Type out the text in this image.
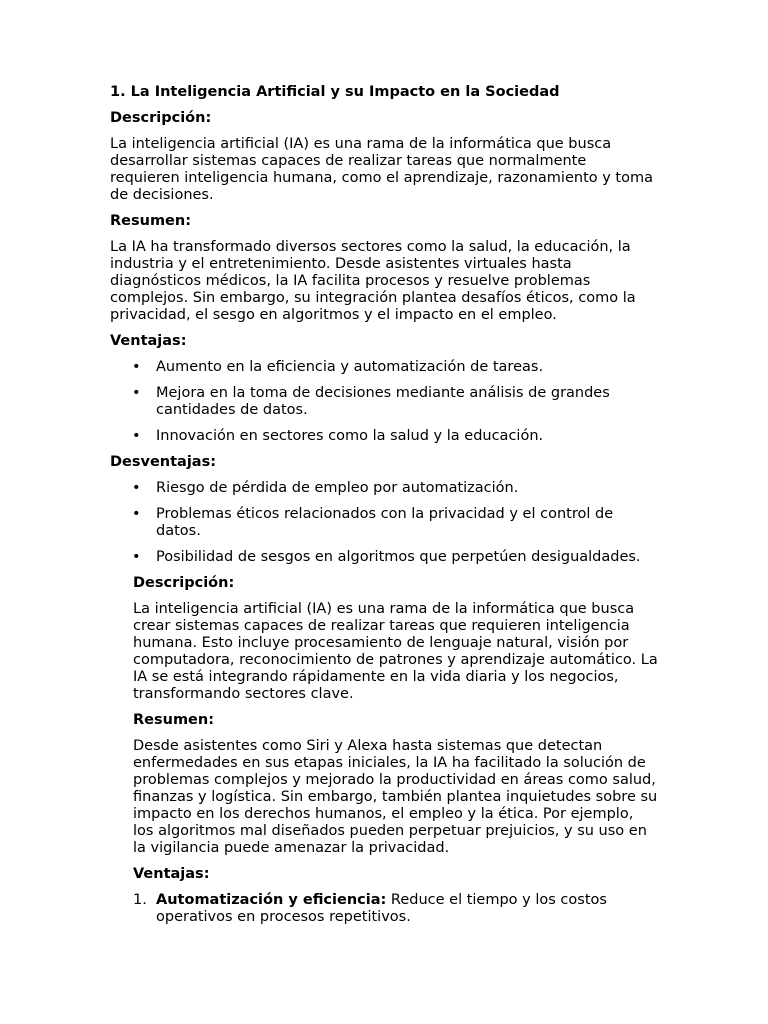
1. La Inteligencia Artificial y su Impacto en la Sociedad
Descripción:
La inteligencia artificial (IA) es una rama de la informática que busca desarrollar sistemas capaces de realizar tareas que normalmente requieren inteligencia humana, como el aprendizaje, razonamiento y toma de decisiones.
Resumen:
La IA ha transformado diversos sectores como la salud, la educación, la industria y el entretenimiento. Desde asistentes virtuales hasta diagnósticos médicos, la IA facilita procesos y resuelve problemas complejos. Sin embargo, su integración plantea desafíos éticos, como la privacidad, el sesgo en algoritmos y el impacto en el empleo.
Ventajas:
• Aumento en la eficiencia y automatización de tareas.
• Mejora en la toma de decisiones mediante análisis de grandes cantidades de datos.
• Innovación en sectores como la salud y la educación.
Desventajas:
• Riesgo de pérdida de empleo por automatización.
• Problemas éticos relacionados con la privacidad y el control de datos.
• Posibilidad de sesgos en algoritmos que perpetúen desigualdades.
Descripción:
La inteligencia artificial (IA) es una rama de la informática que busca crear sistemas capaces de realizar tareas que requieren inteligencia humana. Esto incluye procesamiento de lenguaje natural, visión por computadora, reconocimiento de patrones y aprendizaje automático. La IA se está integrando rápidamente en la vida diaria y los negocios, transformando sectores clave.
Resumen:
Desde asistentes como Siri y Alexa hasta sistemas que detectan enfermedades en sus etapas iniciales, la IA ha facilitado la solución de problemas complejos y mejorado la productividad en áreas como salud, finanzas y logística. Sin embargo, también plantea inquietudes sobre su impacto en los derechos humanos, el empleo y la ética. Por ejemplo, los algoritmos mal diseñados pueden perpetuar prejuicios, y su uso en la vigilancia puede amenazar la privacidad.
Ventajas:
1. Automatización y eficiencia: Reduce el tiempo y los costos operativos en procesos repetitivos.
